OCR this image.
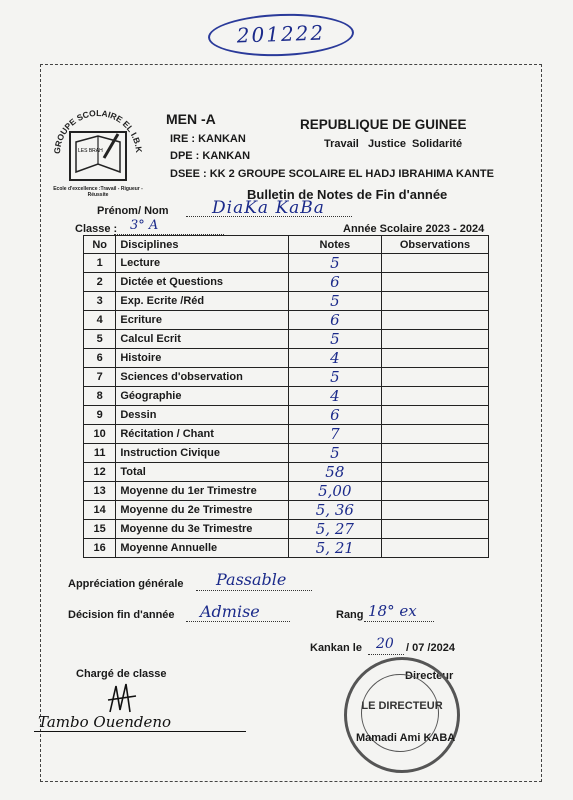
201222
GROUPE SCOLAIRE EL I.B.K
LES BRAH
Ecole d'excellence :Travail - Rigueur - Réussite
MEN -A
IRE : KANKAN
DPE : KANKAN
DSEE : KK 2 GROUPE SCOLAIRE EL HADJ IBRAHIMA KANTE
REPUBLIQUE DE GUINEE
Travail   Justice  Solidarité
Bulletin de Notes de Fin d'année
Prénom/ Nom	DiaKa KaBa
Classe : 3° A	Année Scolaire 2023 - 2024
No	Disciplines	Notes	Observations
1	Lecture	5	
2	Dictée et Questions	6	
3	Exp. Ecrite /Réd	5	
4	Ecriture	6	
5	Calcul Ecrit	5	
6	Histoire	4	
7	Sciences d'observation	5	
8	Géographie	4	
9	Dessin	6	
10	Récitation / Chant	7	
11	Instruction Civique	5	
12	Total	58	
13	Moyenne du 1er Trimestre	5,00	
14	Moyenne du 2e Trimestre	5, 36	
15	Moyenne du 3e Trimestre	5, 27	
16	Moyenne Annuelle	5, 21	
Appréciation générale Passable
Décision fin d'année Admise	Rang 18° ex
Kankan le 20 / 07 /2024
Chargé de classe
Tambo Ouendeno
Directeur
LE DIRECTEUR
Mamadi Ami KABA
